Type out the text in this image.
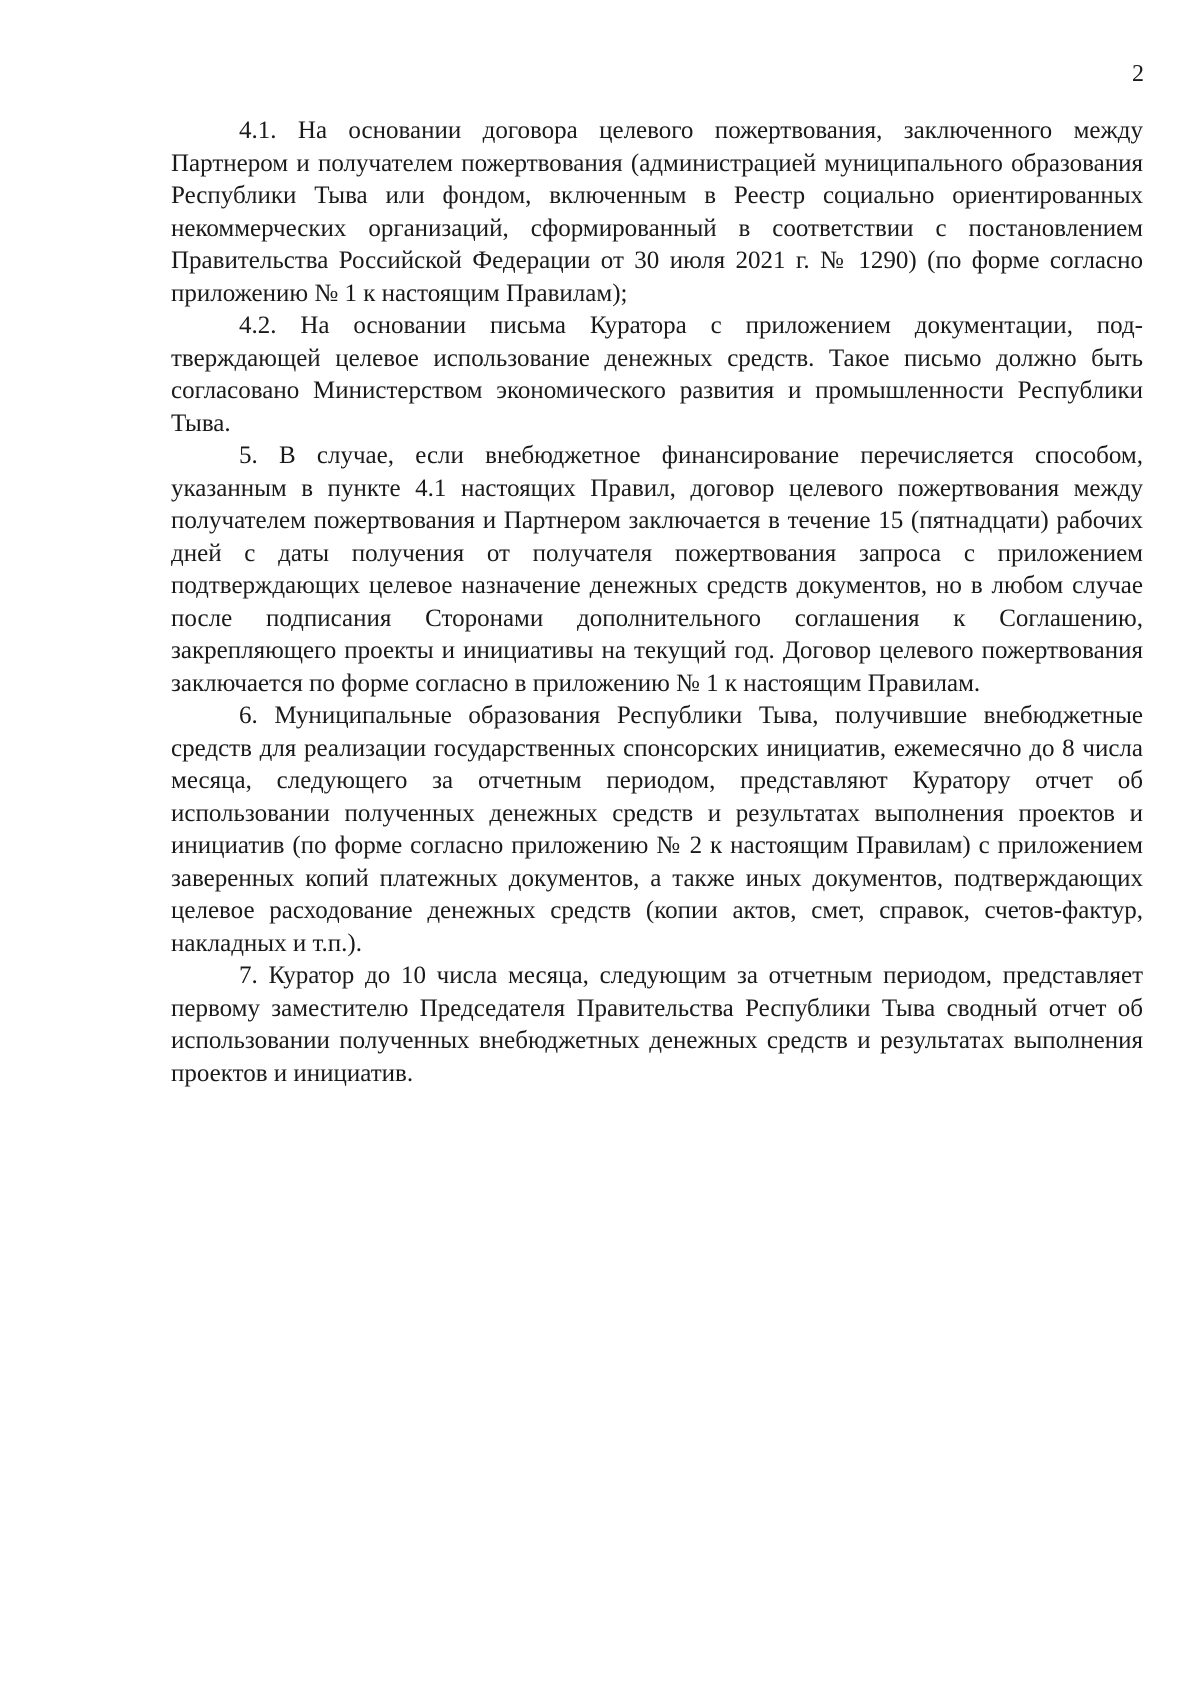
2

4.1. На основании договора целевого пожертвования, заключенного между Партнером и получателем пожертвования (администрацией муниципального образования Республики Тыва или фондом, включенным в Реестр социально ориентированных некоммерческих организаций, сформированный в соответствии с постановлением Правительства Российской Федерации от 30 июля 2021 г. № 1290) (по форме согласно приложению № 1 к настоящим Правилам);

4.2. На основании письма Куратора с приложением документации, подтверждающей целевое использование денежных средств. Такое письмо должно быть согласовано Министерством экономического развития и промышленности Республики Тыва.

5. В случае, если внебюджетное финансирование перечисляется способом, указанным в пункте 4.1 настоящих Правил, договор целевого пожертвования между получателем пожертвования и Партнером заключается в течение 15 (пятнадцати) рабочих дней с даты получения от получателя пожертвования запроса с приложением подтверждающих целевое назначение денежных средств документов, но в любом случае после подписания Сторонами дополнительного соглашения к Соглашению, закрепляющего проекты и инициативы на текущий год. Договор целевого пожертвования заключается по форме согласно в приложению № 1 к настоящим Правилам.

6. Муниципальные образования Республики Тыва, получившие внебюджетные средств для реализации государственных спонсорских инициатив, ежемесячно до 8 числа месяца, следующего за отчетным периодом, представляют Куратору отчет об использовании полученных денежных средств и результатах выполнения проектов и инициатив (по форме согласно приложению № 2 к настоящим Правилам) с приложением заверенных копий платежных документов, а также иных документов, подтверждающих целевое расходование денежных средств (копии актов, смет, справок, счетов-фактур, накладных и т.п.).

7. Куратор до 10 числа месяца, следующим за отчетным периодом, представляет первому заместителю Председателя Правительства Республики Тыва сводный отчет об использовании полученных внебюджетных денежных средств и результатах выполнения проектов и инициатив.
